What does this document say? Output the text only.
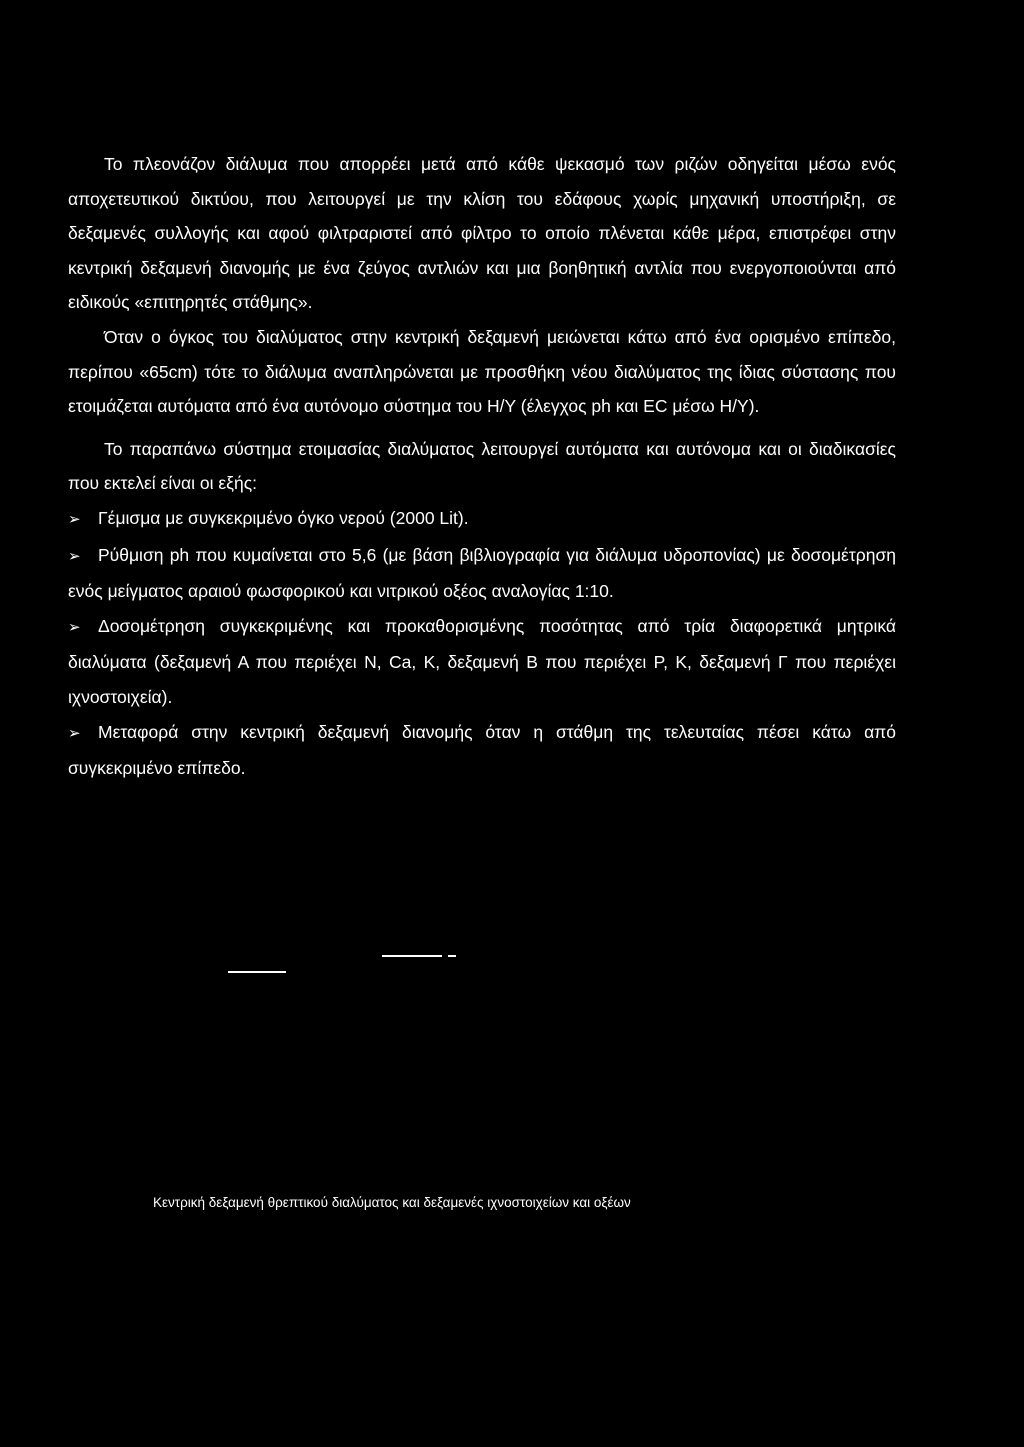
Το πλεονάζον διάλυμα που απορρέει μετά από κάθε ψεκασμό των ριζών οδηγείται μέσω ενός αποχετευτικού δικτύου, που λειτουργεί με την κλίση του εδάφους χωρίς μηχανική υποστήριξη, σε δεξαμενές συλλογής και αφού φιλτραριστεί από φίλτρο το οποίο πλένεται κάθε μέρα, επιστρέφει στην κεντρική δεξαμενή διανομής με ένα ζεύγος αντλιών και μια βοηθητική αντλία που ενεργοποιούνται από ειδικούς «επιτηρητές στάθμης».

Όταν ο όγκος του διαλύματος στην κεντρική δεξαμενή μειώνεται κάτω από ένα ορισμένο επίπεδο, περίπου «65cm) τότε το διάλυμα αναπληρώνεται με προσθήκη νέου διαλύματος της ίδιας σύστασης που ετοιμάζεται αυτόματα από ένα αυτόνομο σύστημα του Η/Υ (έλεγχος ph και EC μέσω Η/Υ).

Το παραπάνω σύστημα ετοιμασίας διαλύματος λειτουργεί αυτόματα και αυτόνομα και οι διαδικασίες που εκτελεί είναι οι εξής:

➢ Γέμισμα με συγκεκριμένο όγκο νερού (2000 Lit).

➢ Ρύθμιση ph που κυμαίνεται στο 5,6 (με βάση βιβλιογραφία για διάλυμα υδροπονίας) με δοσομέτρηση ενός μείγματος αραιού φωσφορικού και νιτρικού οξέος αναλογίας 1:10.

➢ Δοσομέτρηση συγκεκριμένης και προκαθορισμένης ποσότητας από τρία διαφορετικά μητρικά διαλύματα (δεξαμενή Α που περιέχει N, Ca, K, δεξαμενή Β που περιέχει P, K, δεξαμενή Γ που περιέχει ιχνοστοιχεία).

➢ Μεταφορά στην κεντρική δεξαμενή διανομής όταν η στάθμη της τελευταίας πέσει κάτω από συγκεκριμένο επίπεδο.

Κεντρική δεξαμενή θρεπτικού διαλύματος και δεξαμενές ιχνοστοιχείων και οξέων
